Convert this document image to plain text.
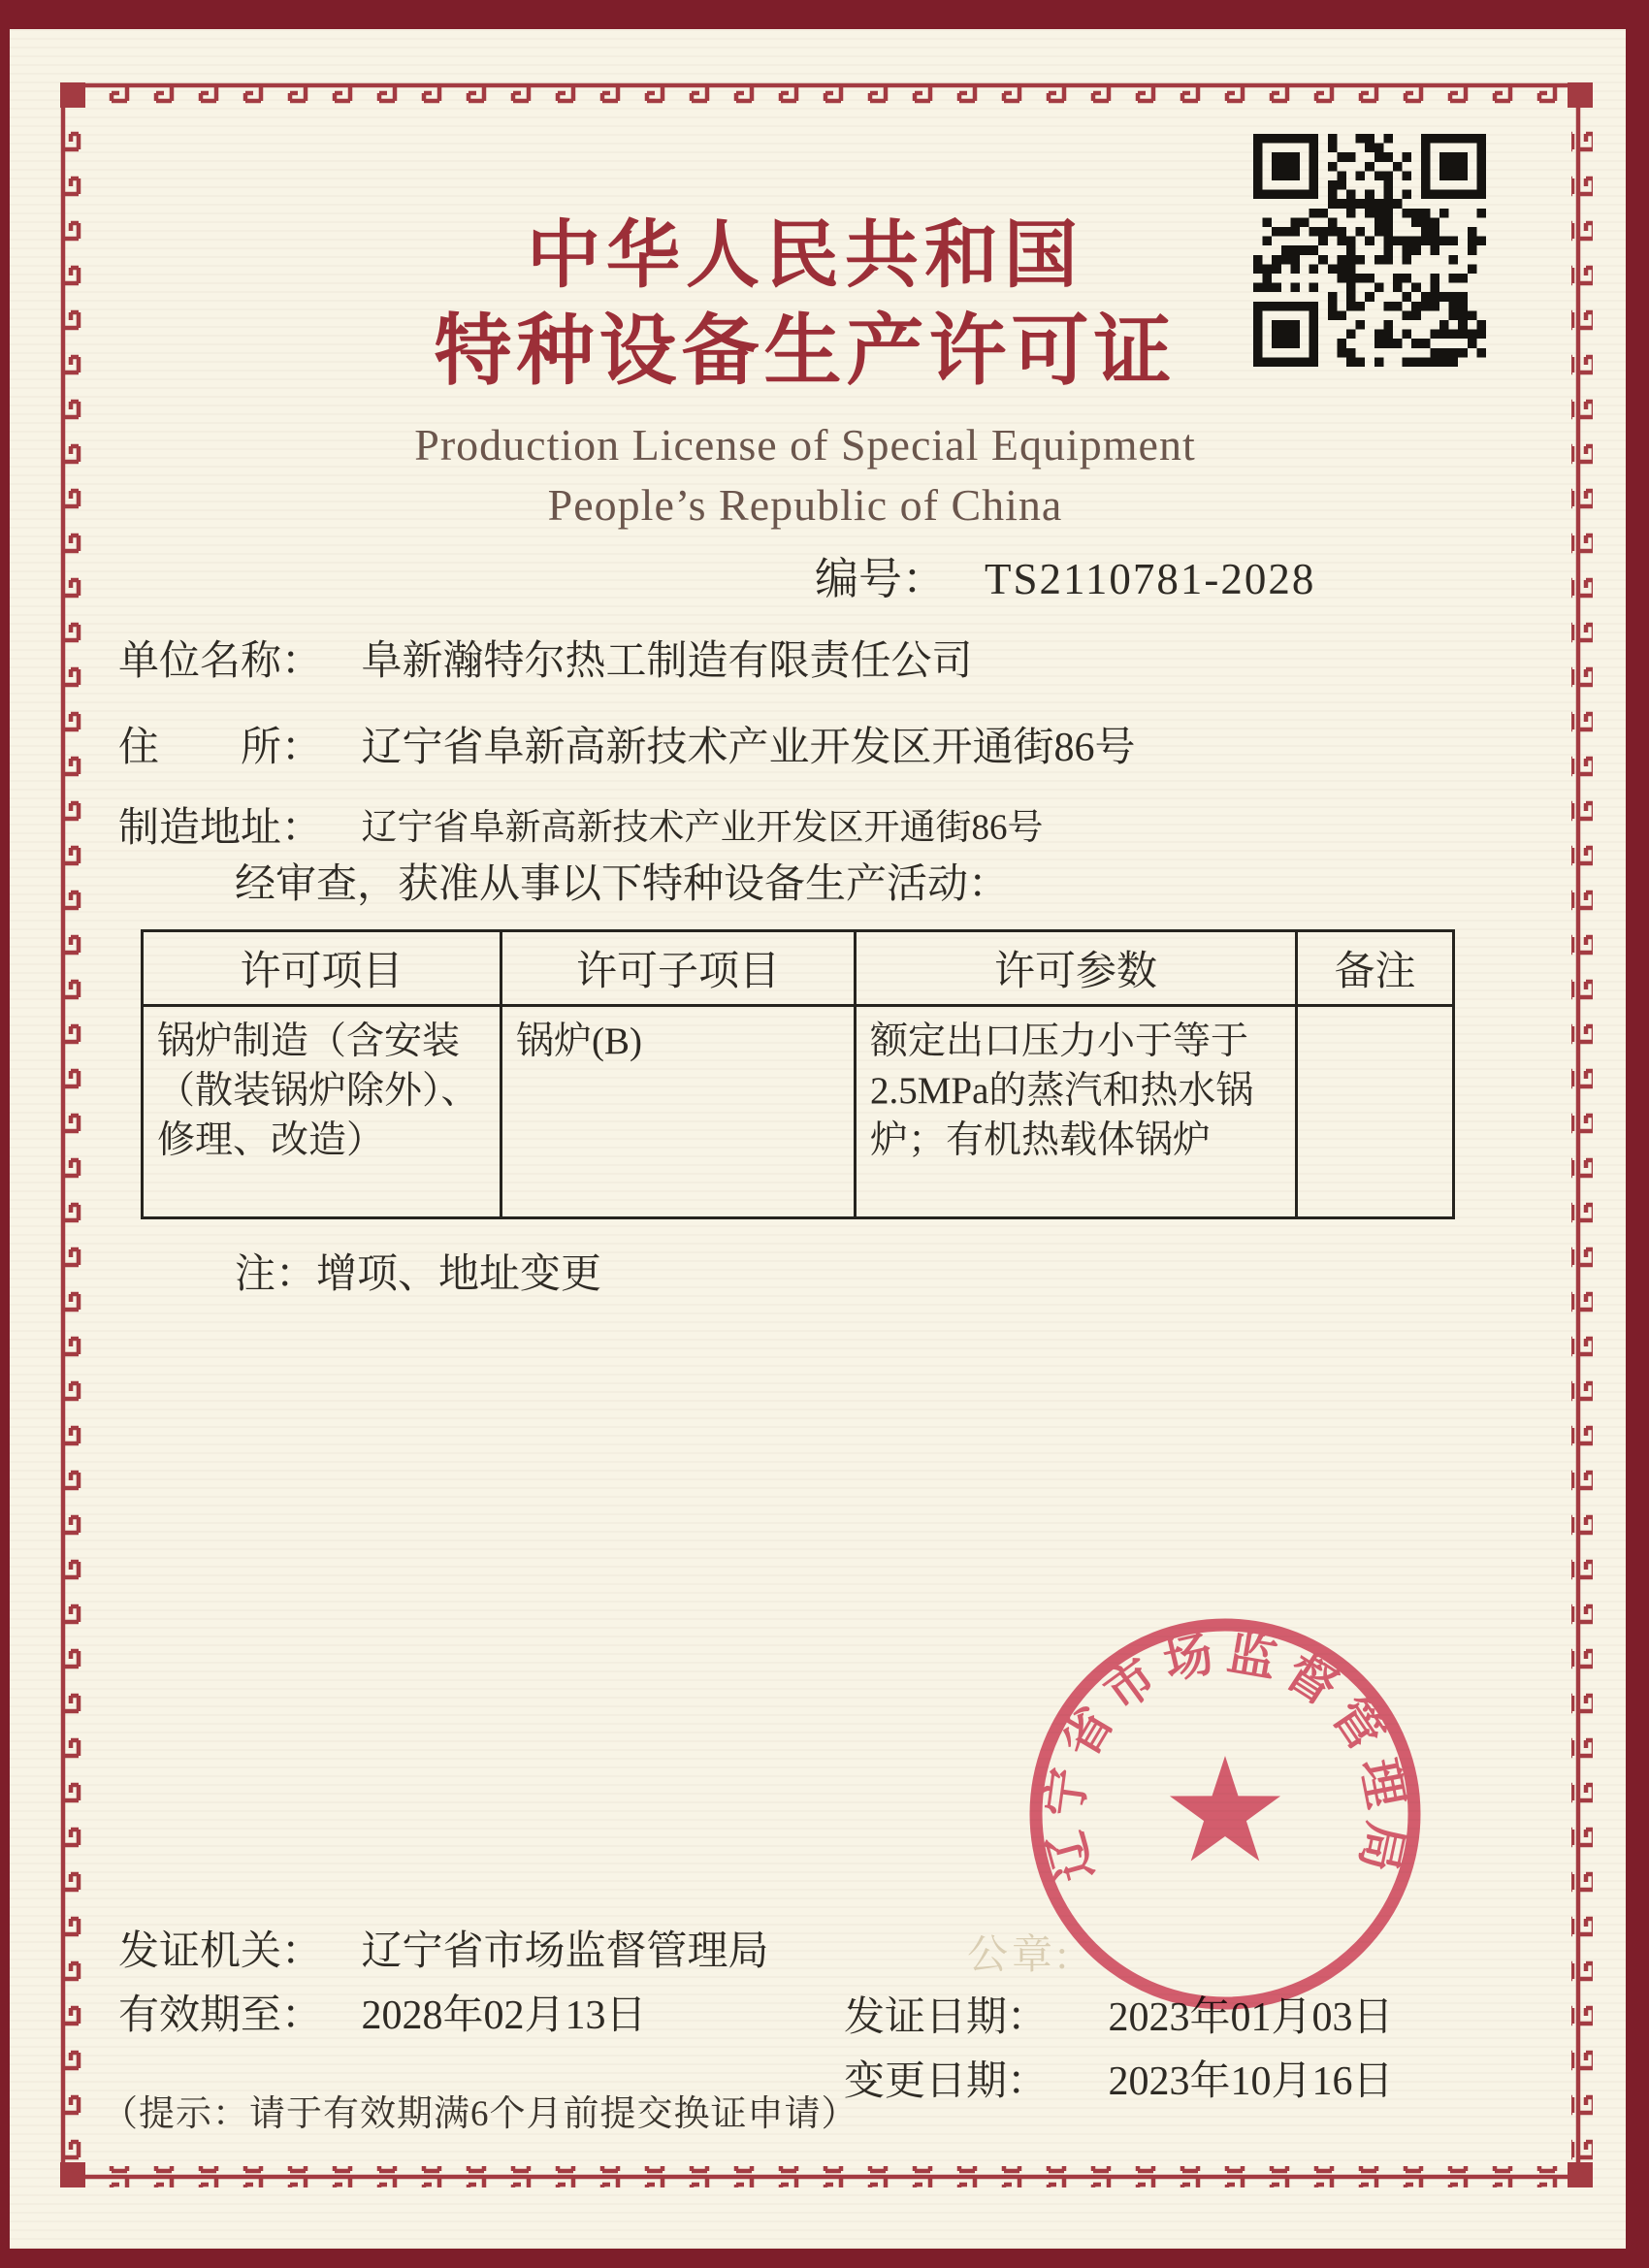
中华人民共和国
特种设备生产许可证
Production License of Special Equipment
People’s Republic of China
编号： TS2110781-2028
单位名称： 阜新瀚特尔热工制造有限责任公司
住　　所： 辽宁省阜新高新技术产业开发区开通街86号
制造地址： 辽宁省阜新高新技术产业开发区开通街86号
经审查，获准从事以下特种设备生产活动：
许可项目	许可子项目	许可参数	备注
锅炉制造（含安装（散装锅炉除外）、修理、改造）	锅炉(B)	额定出口压力小于等于2.5MPa的蒸汽和热水锅炉；有机热载体锅炉	
注：增项、地址变更
发证机关： 辽宁省市场监督管理局
有效期至： 2028年02月13日
公章:
发证日期： 2023年01月03日
变更日期： 2023年10月16日
（提示：请于有效期满6个月前提交换证申请）
辽宁省市场监督管理局
